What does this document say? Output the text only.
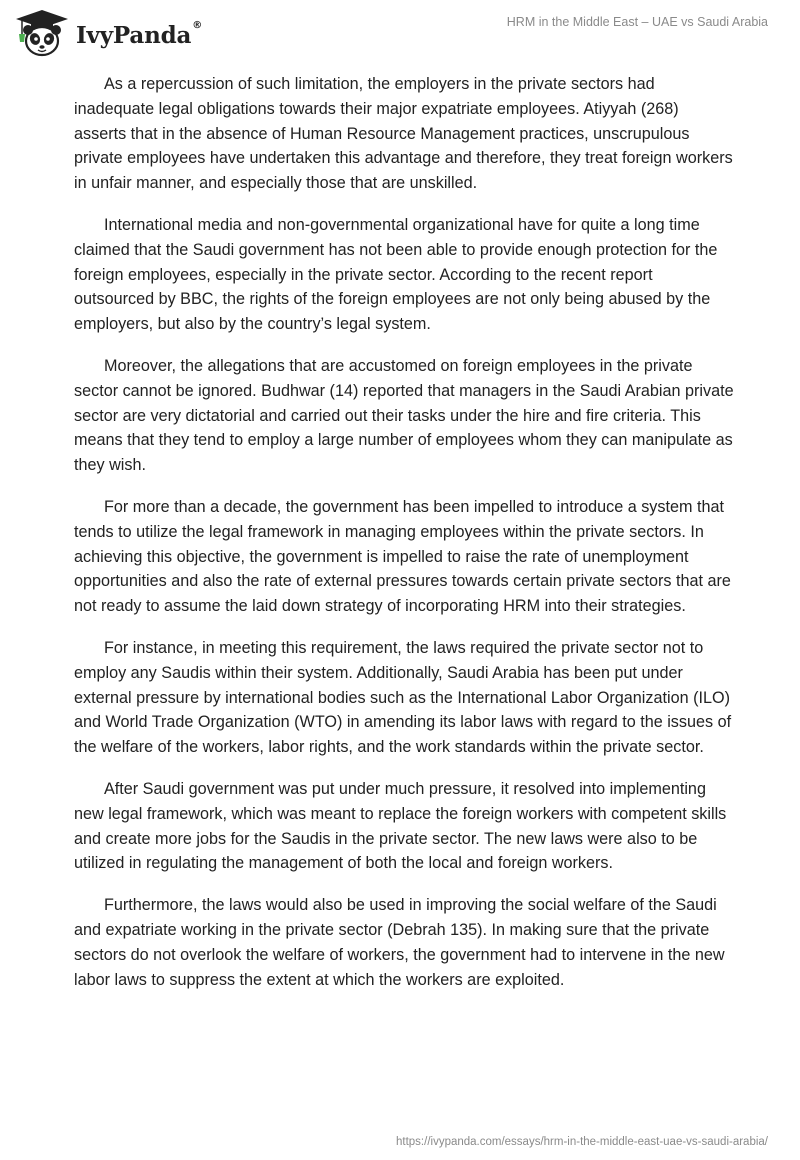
IvyPanda®	HRM in the Middle East – UAE vs Saudi Arabia

As a repercussion of such limitation, the employers in the private sectors had inadequate legal obligations towards their major expatriate employees. Atiyyah (268) asserts that in the absence of Human Resource Management practices, unscrupulous private employees have undertaken this advantage and therefore, they treat foreign workers in unfair manner, and especially those that are unskilled.

International media and non-governmental organizational have for quite a long time claimed that the Saudi government has not been able to provide enough protection for the foreign employees, especially in the private sector. According to the recent report outsourced by BBC, the rights of the foreign employees are not only being abused by the employers, but also by the country’s legal system.

Moreover, the allegations that are accustomed on foreign employees in the private sector cannot be ignored. Budhwar (14) reported that managers in the Saudi Arabian private sector are very dictatorial and carried out their tasks under the hire and fire criteria. This means that they tend to employ a large number of employees whom they can manipulate as they wish.

For more than a decade, the government has been impelled to introduce a system that tends to utilize the legal framework in managing employees within the private sectors. In achieving this objective, the government is impelled to raise the rate of unemployment opportunities and also the rate of external pressures towards certain private sectors that are not ready to assume the laid down strategy of incorporating HRM into their strategies.

For instance, in meeting this requirement, the laws required the private sector not to employ any Saudis within their system. Additionally, Saudi Arabia has been put under external pressure by international bodies such as the International Labor Organization (ILO) and World Trade Organization (WTO) in amending its labor laws with regard to the issues of the welfare of the workers, labor rights, and the work standards within the private sector.

After Saudi government was put under much pressure, it resolved into implementing new legal framework, which was meant to replace the foreign workers with competent skills and create more jobs for the Saudis in the private sector. The new laws were also to be utilized in regulating the management of both the local and foreign workers.

Furthermore, the laws would also be used in improving the social welfare of the Saudi and expatriate working in the private sector (Debrah 135). In making sure that the private sectors do not overlook the welfare of workers, the government had to intervene in the new labor laws to suppress the extent at which the workers are exploited.

https://ivypanda.com/essays/hrm-in-the-middle-east-uae-vs-saudi-arabia/
